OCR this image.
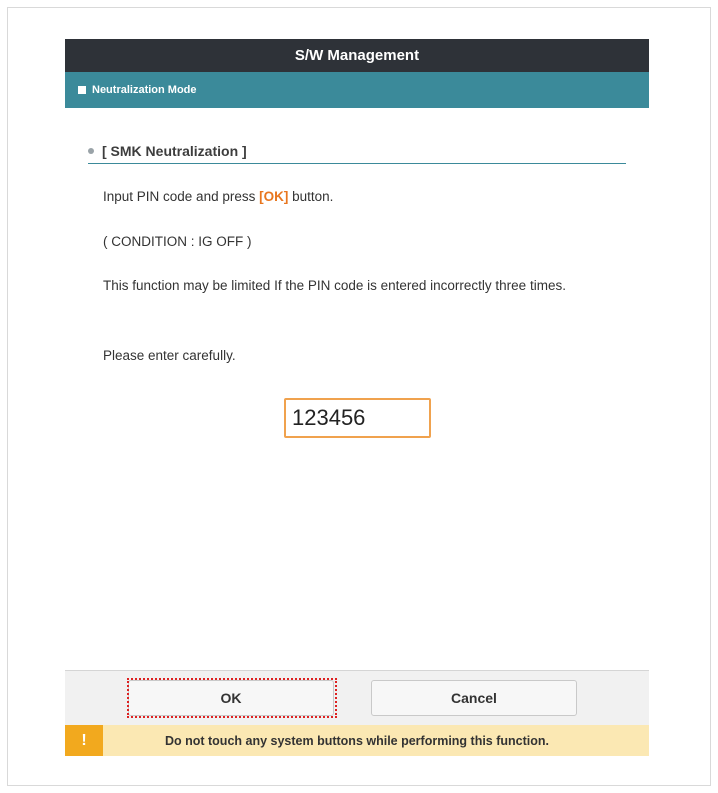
S/W Management
Neutralization Mode
[ SMK Neutralization ]
Input PIN code and press [OK] button.
( CONDITION : IG OFF )
This function may be limited If the PIN code is entered incorrectly three times.
Please enter carefully.
123456
OK	Cancel
!	Do not touch any system buttons while performing this function.
